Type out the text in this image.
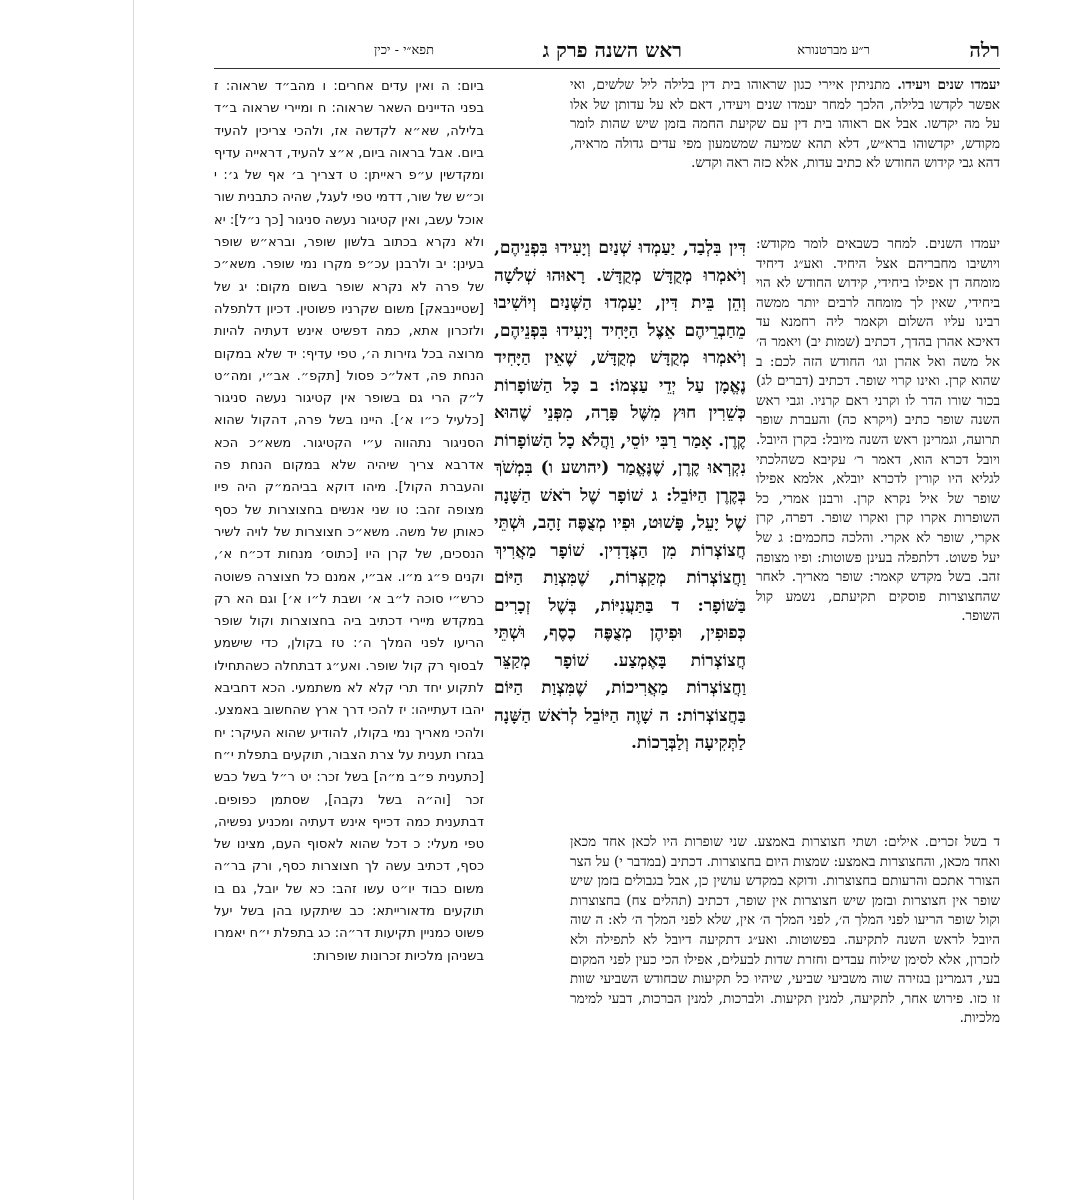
רלה
ר״ע מברטנורא
ראש השנה פרק ג
תפא״י - יכין
יעמדו שנים ויעידו. מתניתין איירי כגון שראוהו בית דין בלילה ליל שלשים, ואי אפשר לקדשו בלילה, הלכך למחר יעמדו שנים ויעידו, דאם לא על עדותן של אלו על מה יקדשו. אבל אם ראוהו בית דין עם שקיעת החמה בזמן שיש שהות לומר מקודש, יקדשוהו ברא״ש, דלא תהא שמיעה שמשמעון מפי עדים גדולה מראיה, דהא גבי קידוש החודש לא כתיב עדות, אלא כזה ראה וקדש.
דִּין בִּלְבַד, יַעַמְדוּ שְׁנַיִם וְיָעִידוּ בִּפְנֵיהֶם, וְיֹאמְרוּ מְקֻדָּשׁ מְקֻדָּשׁ. רָאוּהוּ שְׁלֹשָׁה וְהֵן בֵּית דִּין, יַעַמְדוּ הַשְּׁנַיִם וְיוֹשִׁיבוּ מֵחַבְרֵיהֶם אֵצֶל הַיָּחִיד וְיָעִידוּ בִּפְנֵיהֶם, וְיֹאמְרוּ מְקֻדָּשׁ מְקֻדָּשׁ, שֶׁאֵין הַיָּחִיד נֶאֱמָן עַל יְדֵי עַצְמוֹ: ב כָּל הַשּׁוֹפָרוֹת כְּשֵׁרִין חוּץ מִשֶּׁל פָּרָה, מִפְּנֵי שֶׁהוּא קֶרֶן. אָמַר רַבִּי יוֹסֵי, וַהֲלֹא כָל הַשּׁוֹפָרוֹת נִקְרְאוּ קֶרֶן, שֶׁנֶּאֱמַר (יהושע ו) בִּמְשֹׁךְ בְּקֶרֶן הַיּוֹבֵל: ג שׁוֹפָר שֶׁל רֹאשׁ הַשָּׁנָה שֶׁל יָעֵל, פָּשׁוּט, וּפִיו מְצֻפֶּה זָהָב, וּשְׁתֵּי חֲצוֹצְרוֹת מִן הַצְּדָדִין. שׁוֹפָר מַאֲרִיךְ וַחֲצוֹצְרוֹת מְקַצְּרוֹת, שֶׁמִּצְוַת הַיּוֹם בַּשּׁוֹפָר: ד בַּתַּעֲנִיּוֹת, בְּשֶׁל זְכָרִים כְּפוּפִין, וּפִיהֶן מְצֻפֶּה כֶסֶף, וּשְׁתֵּי חֲצוֹצְרוֹת בָּאֶמְצַע. שׁוֹפָר מְקַצֵּר וַחֲצוֹצְרוֹת מַאֲרִיכוֹת, שֶׁמִּצְוַת הַיּוֹם בַּחֲצוֹצְרוֹת: ה שָׁוֶה הַיּוֹבֵל לְרֹאשׁ הַשָּׁנָה לַתְּקִיעָה וְלַבְּרָכוֹת.
יעמדו השנים. למחר כשבאים לומר מקודש: ויושיבו מחבריהם אצל היחיד. ואע״ג דיחיד מומחה דן אפילו ביחידי, קידוש החודש לא הוי ביחידי, שאין לך מומחה לרבים יותר ממשה רבינו עליו השלום וקאמר ליה רחמנא עד דאיכא אהרן בהדך, דכתיב (שמות יב) ויאמר ה׳ אל משה ואל אהרן וגו׳ החודש הזה לכם: ב שהוא קרן. ואינו קרוי שופר. דכתיב (דברים לג) בכור שורו הדר לו וקרני ראם קרניו. וגבי ראש השנה שופר כתיב (ויקרא כה) והעברת שופר תרועה, וגמרינן ראש השנה מיובל: בקרן היובל. ויובל דכרא הוא, דאמר ר׳ עקיבא כשהלכתי לגליא היו קורין לדכרא יובלא, אלמא אפילו שופר של איל נקרא קרן. ורבנן אמרי, כל השופרות אקרו קרן ואקרו שופר. דפרה, קרן אקרי, שופר לא אקרי. והלכה כחכמים: ג של יעל פשוט. דלתפלה בעינן פשוטות: ופיו מצופה זהב. בשל מקדש קאמר: שופר מאריך. לאחר שהחצוצרות פוסקים תקיעתם, נשמע קול השופר.
ד בשל זכרים. אילים: ושתי חצוצרות באמצע. שני שופרות היו לכאן אחד מכאן ואחד מכאן, והחצוצרות באמצע: שמצות היום בחצוצרות. דכתיב (במדבר י) על הצר הצורר אתכם והרעותם בחצוצרות. ודוקא במקדש עושין כן, אבל בגבולים בזמן שיש שופר אין חצוצרות ובזמן שיש חצוצרות אין שופר, דכתיב (תהלים צח) בחצוצרות וקול שופר הריעו לפני המלך ה׳, לפני המלך ה׳ אין, שלא לפני המלך ה׳ לא: ה שוה היובל לראש השנה לתקיעה. בפשוטות. ואע״ג דתקיעה דיובל לא לתפילה ולא לזכרון, אלא לסימן שילוח עבדים וחזרת שדות לבעלים, אפילו הכי כעין לפני המקום בעי, דגמרינן בגזירה שוה משביעי שביעי, שיהיו כל תקיעות שבחודש השביעי שוות זו כזו. פירוש אחר, לתקיעה, למנין תקיעות. ולברכות, למנין הברכות, דבעי למימר מלכיות.
ביום: ה ואין עדים אחרים: ו מהב״ד שראוה: ז בפני הדיינים השאר שראוה: ח ומיירי שראוה ב״ד בלילה, שא״א לקדשה אז, ולהכי צריכין להעיד ביום. אבל בראוה ביום, א״צ להעיד, דראייה עדיף ומקדשין ע״פ ראייתן: ט דצריך ב׳ אף של ג׳: י וכ״ש של שור, דדמי טפי לעגל, שהיה כתבנית שור אוכל עשב, ואין קטיגור נעשה סניגור [כך נ״ל]: יא ולא נקרא בכתוב בלשון שופר, וברא״ש שופר בעינן: יב ולרבנן עכ״פ מקרו נמי שופר. משא״כ של פרה לא נקרא שופר בשום מקום: יג של [שטיינבאק] משום שקרניו פשוטין. דכיון דלתפלה ולזכרון אתא, כמה דפשיט אינש דעתיה להיות מרוצה בכל גזירות ה׳, טפי עדיף: יד שלא במקום הנחת פה, דאל״כ פסול [תקפ״. אב״י, ומה״ט ל״ק הרי גם בשופר אין קטיגור נעשה סניגור [כלעיל כ״ו א׳]. היינו בשל פרה, דהקול שהוא הסניגור נתהווה ע״י הקטיגור. משא״כ הכא אדרבא צריך שיהיה שלא במקום הנחת פה והעברת הקול]. מיהו דוקא בביהמ״ק היה פיו מצופה זהב: טו שני אנשים בחצוצרות של כסף כאותן של משה. משא״כ חצוצרות של לויה לשיר הנסכים, של קרן היו [כתוס׳ מנחות דכ״ח א׳, וקנים פ״ג מ״ו. אב״י, אמנם כל חצוצרה פשוטה כרש״י סוכה ל״ב א׳ ושבת ל״ו א׳] וגם הא רק במקדש מיירי דכתיב ביה בחצוצרות וקול שופר הריעו לפני המלך ה׳: טז בקולן, כדי שישמע לבסוף רק קול שופר. ואע״ג דבתחלה כשהתחילו לתקוע יחד תרי קלא לא משתמעי. הכא דחביבא יהבו דעתייהו: יז להכי דרך ארץ שהחשוב באמצע. ולהכי מאריך נמי בקולו, להודיע שהוא העיקר: יח בגזרו תענית על צרת הצבור, תוקעים בתפלת י״ח [כתענית פ״ב מ״ה] בשל זכר: יט ר״ל בשל כבש זכר [וה״ה בשל נקבה], שסתמן כפופים. דבתענית כמה דכייף אינש דעתיה ומכניע נפשיה, טפי מעלי: כ דכל שהוא לאסוף העם, מצינו של כסף, דכתיב עשה לך חצוצרות כסף, ורק בר״ה משום כבוד יו״ט עשו זהב: כא של יובל, גם בו תוקעים מדאורייתא: כב שיתקעו בהן בשל יעל פשוט כמניין תקיעות דר״ה: כג בתפלת י״ח יאמרו בשניהן מלכיות זכרונות שופרות:
